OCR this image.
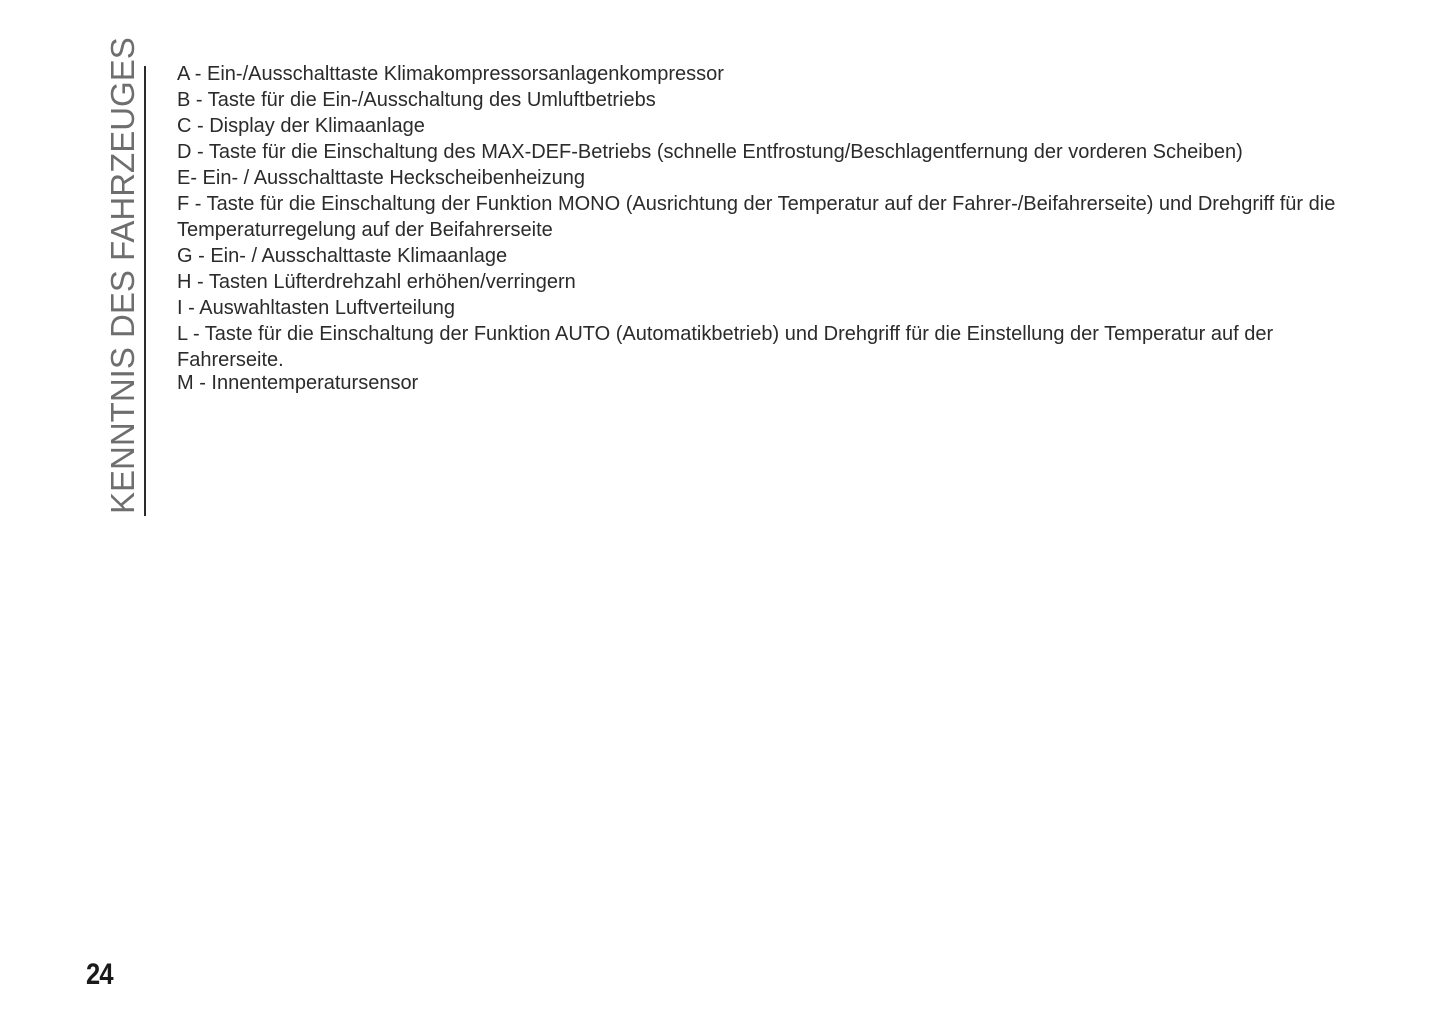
KENNTNIS DES FAHRZEUGES A - Ein-/Ausschalttaste Klimakompressorsanlagenkompressor
B - Taste für die Ein-/Ausschaltung des Umluftbetriebs
C - Display der Klimaanlage
D - Taste für die Einschaltung des MAX-DEF-Betriebs (schnelle Entfrostung/Beschlagentfernung der vorderen Scheiben)
E- Ein- / Ausschalttaste Heckscheibenheizung
F - Taste für die Einschaltung der Funktion MONO (Ausrichtung der Temperatur auf der Fahrer-/Beifahrerseite) und Drehgriff für die Temperaturregelung auf der Beifahrerseite
G - Ein- / Ausschalttaste Klimaanlage
H - Tasten Lüfterdrehzahl erhöhen/verringern
I - Auswahltasten Luftverteilung
L - Taste für die Einschaltung der Funktion AUTO (Automatikbetrieb) und Drehgriff für die Einstellung der Temperatur auf der Fahrerseite.
M - Innentemperatursensor
24
